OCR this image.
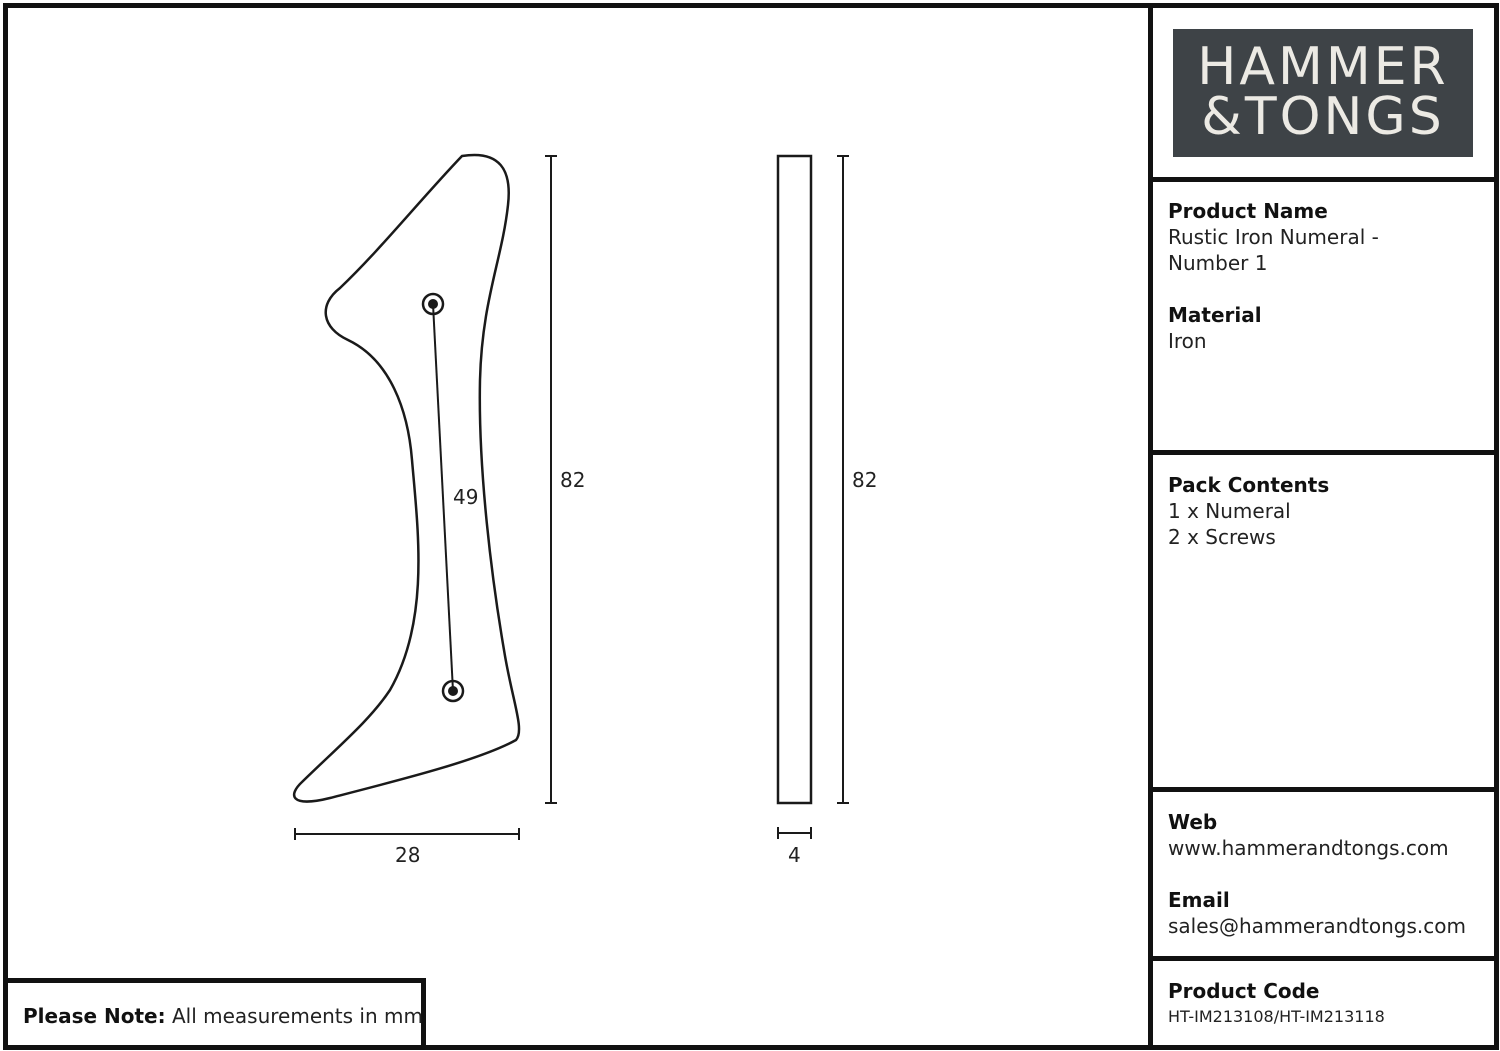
49
82
28
82
4
HAMMER
&TONGS
Product Name
Rustic Iron Numeral -
Number 1
Material
Iron
Pack Contents
1 x Numeral
2 x Screws
Web
www.hammerandtongs.com
Email
sales@hammerandtongs.com
Product Code
HT-IM213108/HT-IM213118
Please Note: All measurements in mm
